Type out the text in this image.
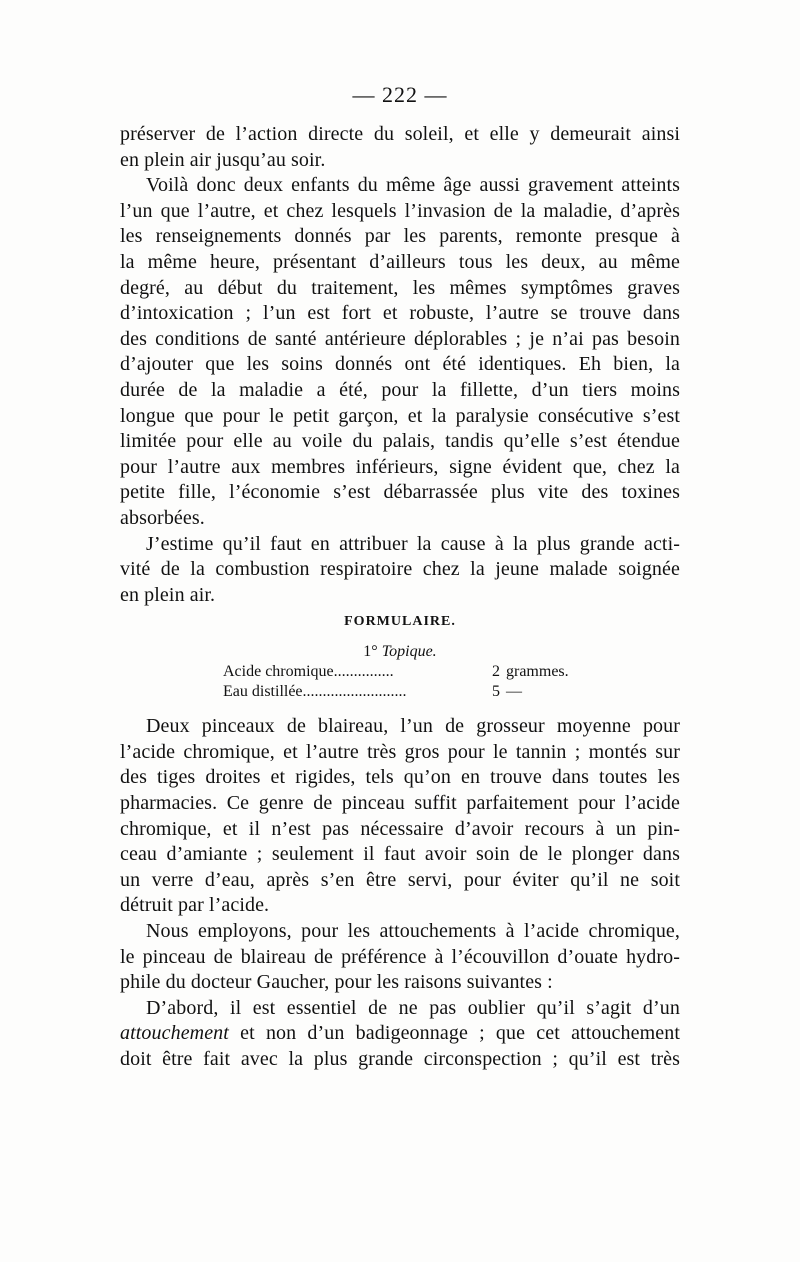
— 222 —
préserver de l’action directe du soleil, et elle y demeurait ainsi
en plein air jusqu’au soir.
Voilà donc deux enfants du même âge aussi gravement atteints
l’un que l’autre, et chez lesquels l’invasion de la maladie, d’après
les renseignements donnés par les parents, remonte presque à
la même heure, présentant d’ailleurs tous les deux, au même
degré, au début du traitement, les mêmes symptômes graves
d’intoxication ; l’un est fort et robuste, l’autre se trouve dans
des conditions de santé antérieure déplorables ; je n’ai pas besoin
d’ajouter que les soins donnés ont été identiques. Eh bien, la
durée de la maladie a été, pour la fillette, d’un tiers moins
longue que pour le petit garçon, et la paralysie consécutive s’est
limitée pour elle au voile du palais, tandis qu’elle s’est étendue
pour l’autre aux membres inférieurs, signe évident que, chez la
petite fille, l’économie s’est débarrassée plus vite des toxines
absorbées.
J’estime qu’il faut en attribuer la cause à la plus grande acti-
vité de la combustion respiratoire chez la jeune malade soignée
en plein air.
FORMULAIRE.
1° Topique.
Acide chromique...............	2 grammes.
Eau distillée..........................	5 —
Deux pinceaux de blaireau, l’un de grosseur moyenne pour
l’acide chromique, et l’autre très gros pour le tannin ; montés sur
des tiges droites et rigides, tels qu’on en trouve dans toutes les
pharmacies. Ce genre de pinceau suffit parfaitement pour l’acide
chromique, et il n’est pas nécessaire d’avoir recours à un pin-
ceau d’amiante ; seulement il faut avoir soin de le plonger dans
un verre d’eau, après s’en être servi, pour éviter qu’il ne soit
détruit par l’acide.
Nous employons, pour les attouchements à l’acide chromique,
le pinceau de blaireau de préférence à l’écouvillon d’ouate hydro-
phile du docteur Gaucher, pour les raisons suivantes :
D’abord, il est essentiel de ne pas oublier qu’il s’agit d’un
attouchement et non d’un badigeonnage ; que cet attouchement
doit être fait avec la plus grande circonspection ; qu’il est très
